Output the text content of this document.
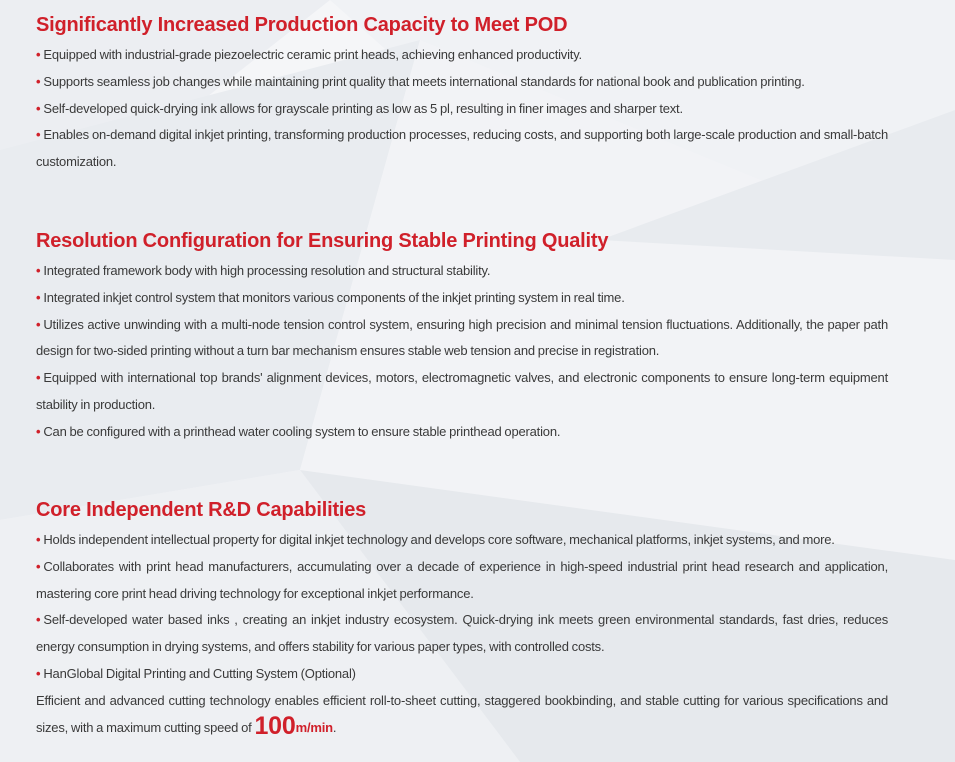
Significantly Increased Production Capacity to Meet POD
• Equipped with industrial-grade piezoelectric ceramic print heads, achieving enhanced productivity.
• Supports seamless job changes while maintaining print quality that meets international standards for national book and publication printing.
• Self-developed quick-drying ink allows for grayscale printing as low as 5 pl, resulting in finer images and sharper text.
• Enables on-demand digital inkjet printing, transforming production processes, reducing costs, and supporting both large-scale production and small-batch customization.
Resolution Configuration for Ensuring Stable Printing Quality
• Integrated framework body with high processing resolution and structural stability.
• Integrated inkjet control system that monitors various components of the inkjet printing system in real time.
• Utilizes active unwinding with a multi-node tension control system, ensuring high precision and minimal tension fluctuations. Additionally, the paper path design for two-sided printing without a turn bar mechanism ensures stable web tension and precise in registration.
• Equipped with international top brands' alignment devices, motors, electromagnetic valves, and electronic components to ensure long-term equipment stability in production.
• Can be configured with a printhead water cooling system to ensure stable printhead operation.
Core Independent R&D Capabilities
• Holds independent intellectual property for digital inkjet technology and develops core software, mechanical platforms, inkjet systems, and more.
• Collaborates with print head manufacturers, accumulating over a decade of experience in high-speed industrial print head research and application, mastering core print head driving technology for exceptional inkjet performance.
• Self-developed water based inks , creating an inkjet industry ecosystem. Quick-drying ink meets green environmental standards, fast dries, reduces energy consumption in drying systems, and offers stability for various paper types, with controlled costs.
• HanGlobal Digital Printing and Cutting System (Optional)
Efficient and advanced cutting technology enables efficient roll-to-sheet cutting, staggered bookbinding, and stable cutting for various specifications and sizes, with a maximum cutting speed of 100m/min.
